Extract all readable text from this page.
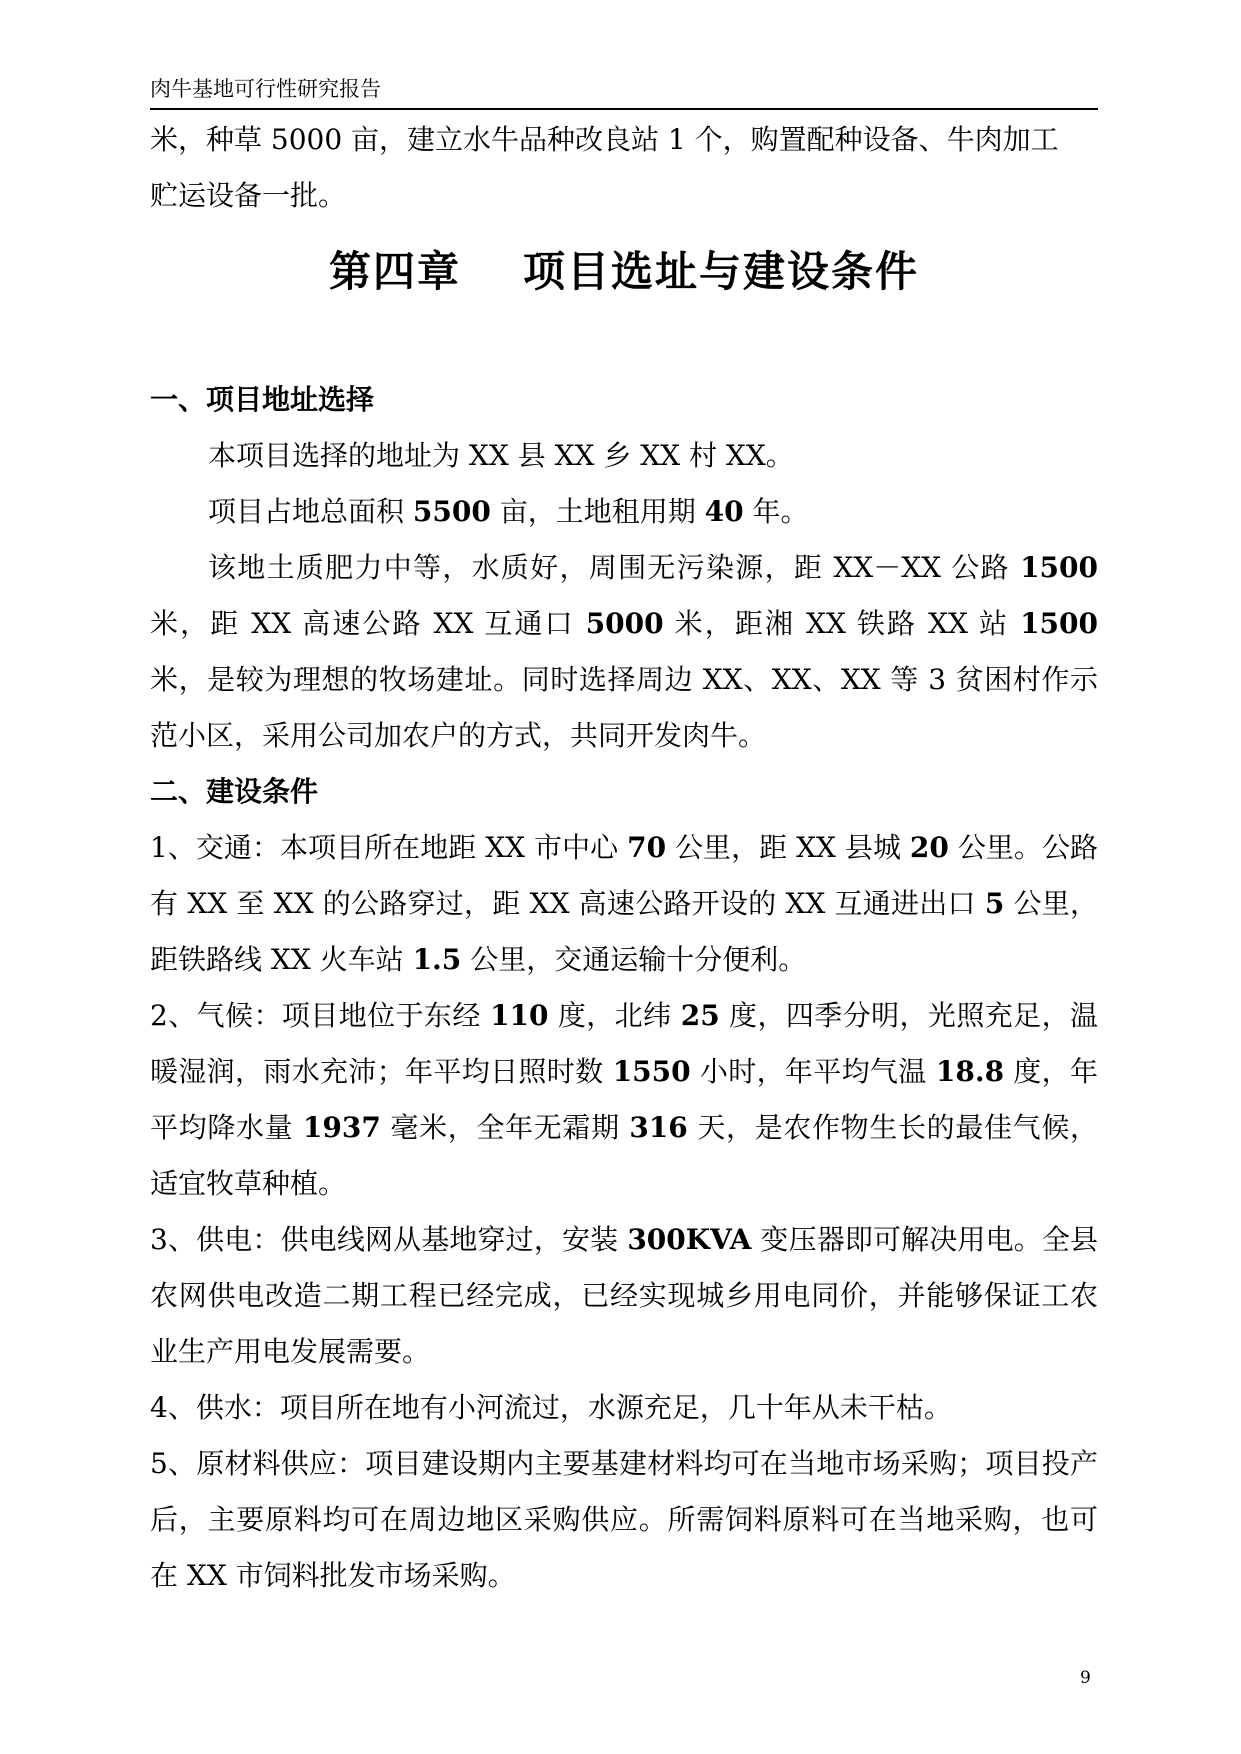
肉牛基地可行性研究报告

米，种草 5000 亩，建立水牛品种改良站 1 个，购置配种设备、牛肉加工
贮运设备一批。

第四章 项目选址与建设条件

一、项目地址选择

本项目选择的地址为 XX 县 XX 乡 XX 村 XX。

项目占地总面积 5500 亩，土地租用期 40 年。

该地土质肥力中等，水质好，周围无污染源，距 XX－XX 公路 1500 米，距 XX 高速公路 XX 互通口 5000 米，距湘 XX 铁路 XX 站 1500 米，是较为理想的牧场建址。同时选择周边 XX、XX、XX 等 3 贫困村作示范小区，采用公司加农户的方式，共同开发肉牛。

二、建设条件

1、交通：本项目所在地距 XX 市中心 70 公里，距 XX 县城 20 公里。公路有 XX 至 XX 的公路穿过，距 XX 高速公路开设的 XX 互通进出口 5 公里，距铁路线 XX 火车站 1.5 公里，交通运输十分便利。

2、气候：项目地位于东经 110 度，北纬 25 度，四季分明，光照充足，温暖湿润，雨水充沛；年平均日照时数 1550 小时，年平均气温 18.8 度，年平均降水量 1937 毫米，全年无霜期 316 天，是农作物生长的最佳气候，适宜牧草种植。

3、供电：供电线网从基地穿过，安装 300KVA 变压器即可解决用电。全县农网供电改造二期工程已经完成，已经实现城乡用电同价，并能够保证工农业生产用电发展需要。

4、供水：项目所在地有小河流过，水源充足，几十年从未干枯。

5、原材料供应：项目建设期内主要基建材料均可在当地市场采购；项目投产后，主要原料均可在周边地区采购供应。所需饲料原料可在当地采购，也可在 XX 市饲料批发市场采购。

9
